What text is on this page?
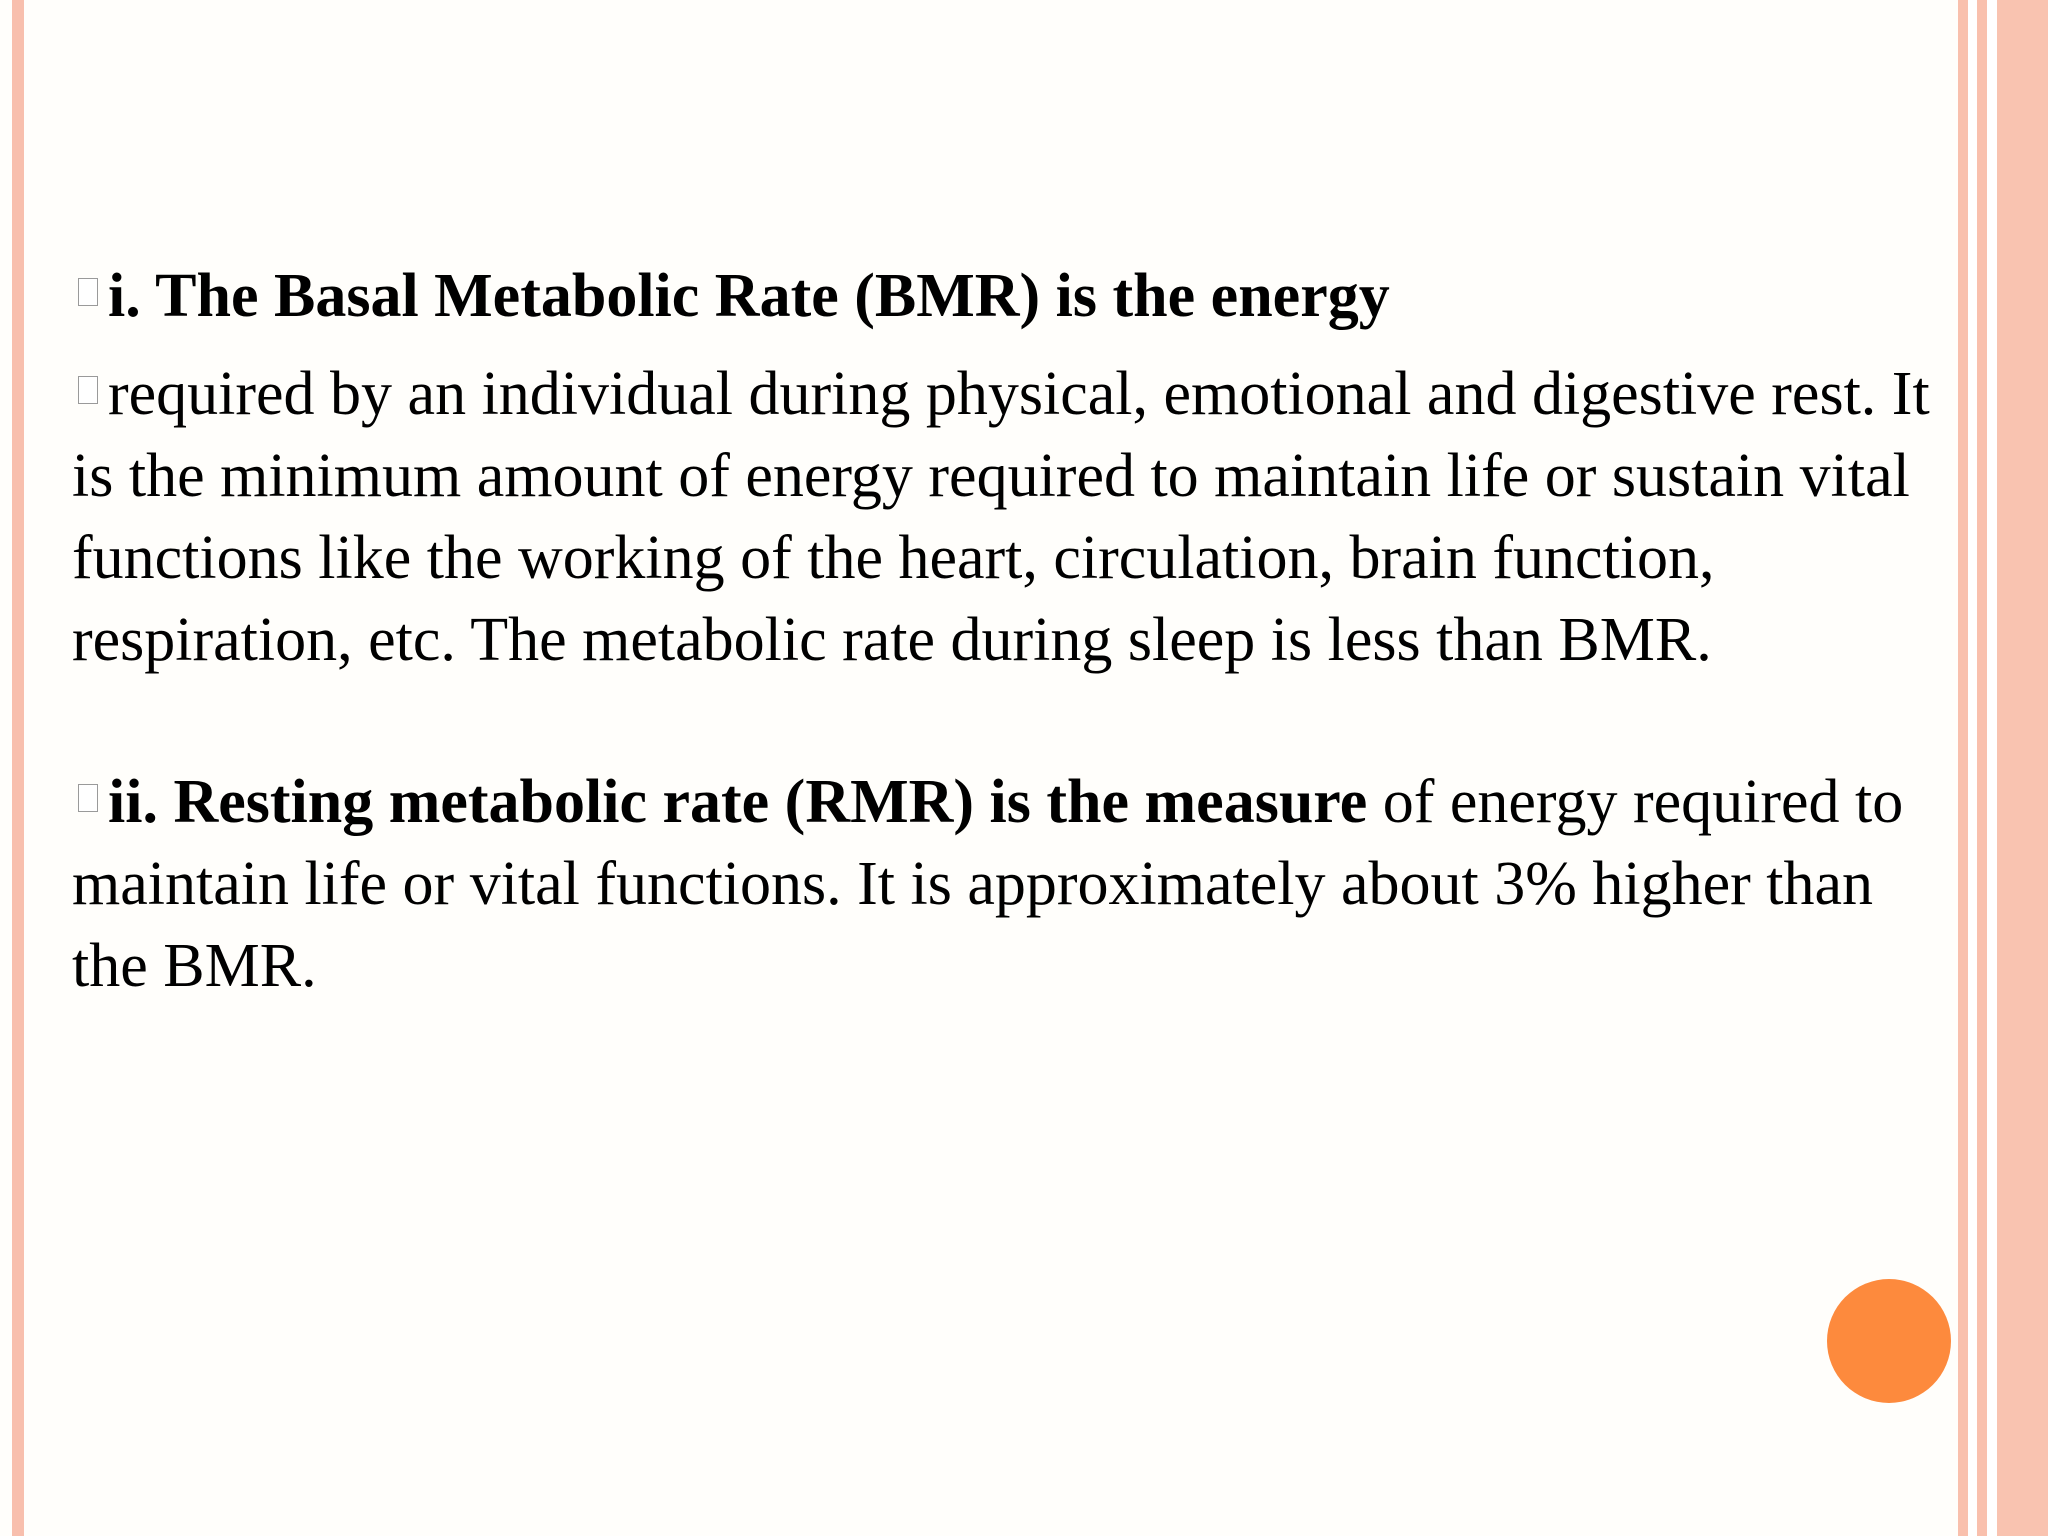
i. The Basal Metabolic Rate (BMR) is the energy

required by an individual during physical, emotional and digestive rest. It is the minimum amount of energy required to maintain life or sustain vital functions like the working of the heart, circulation, brain function, respiration, etc. The metabolic rate during sleep is less than BMR.

ii. Resting metabolic rate (RMR) is the measure of energy required to maintain life or vital functions. It is approximately about 3% higher than the BMR.
